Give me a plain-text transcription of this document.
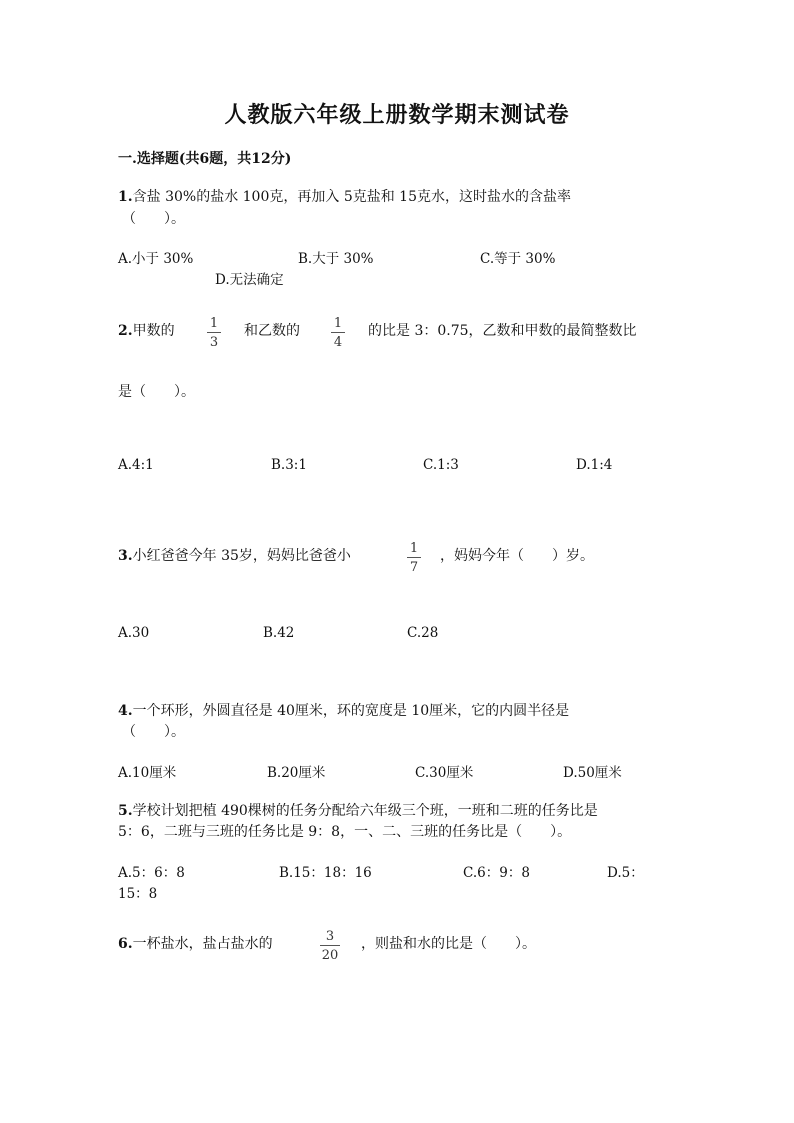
人教版六年级上册数学期末测试卷
一.选择题(共6题，共12分)
1.含盐 30%的盐水 100克，再加入 5克盐和 15克水，这时盐水的含盐率
（　　）。
A.小于 30%	B.大于 30%	C.等于 30%
D.无法确定
2.甲数的	1
3
和乙数的	1
4
的比是 3：0.75，乙数和甲数的最简整数比
是（　　）。
A.4:1	B.3:1	C.1:3	D.1:4
3.小红爸爸今年 35岁，妈妈比爸爸小	1
7
，妈妈今年（　　）岁。
A.30	B.42	C.28
4.一个环形，外圆直径是 40厘米，环的宽度是 10厘米，它的内圆半径是
（　　）。
A.10厘米	B.20厘米	C.30厘米	D.50厘米
5.学校计划把植 490棵树的任务分配给六年级三个班，一班和二班的任务比是
5：6，二班与三班的任务比是 9：8，一、二、三班的任务比是（　　）。
A.5：6：8	B.15：18：16	C.6：9：8	D.5：
15：8
6.一杯盐水，盐占盐水的	3
20
，则盐和水的比是（　　）。
